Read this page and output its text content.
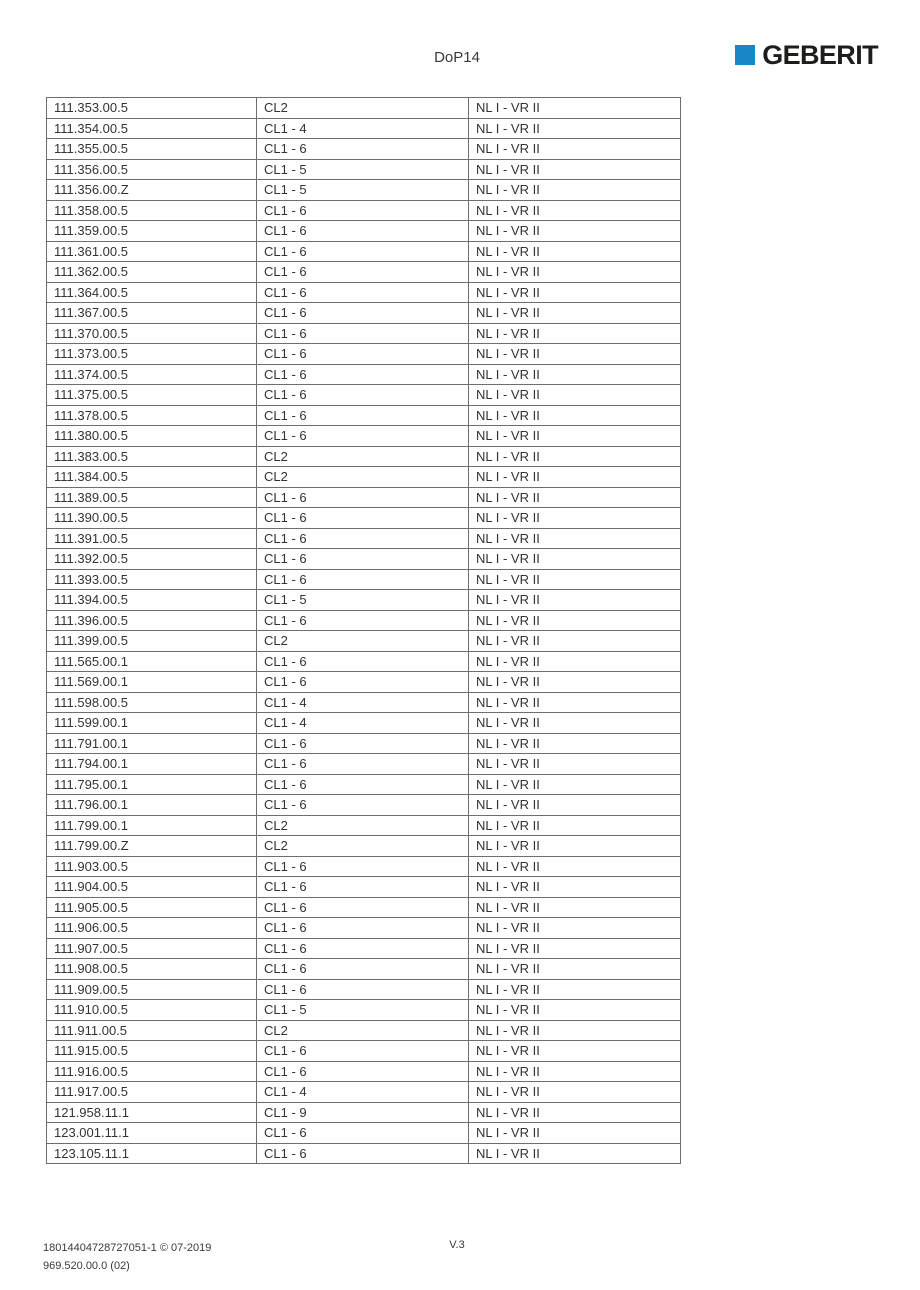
DoP14	GEBERIT
111.353.00.5	CL2	NL I - VR II
111.354.00.5	CL1 - 4	NL I - VR II
111.355.00.5	CL1 - 6	NL I - VR II
111.356.00.5	CL1 - 5	NL I - VR II
111.356.00.Z	CL1 - 5	NL I - VR II
111.358.00.5	CL1 - 6	NL I - VR II
111.359.00.5	CL1 - 6	NL I - VR II
111.361.00.5	CL1 - 6	NL I - VR II
111.362.00.5	CL1 - 6	NL I - VR II
111.364.00.5	CL1 - 6	NL I - VR II
111.367.00.5	CL1 - 6	NL I - VR II
111.370.00.5	CL1 - 6	NL I - VR II
111.373.00.5	CL1 - 6	NL I - VR II
111.374.00.5	CL1 - 6	NL I - VR II
111.375.00.5	CL1 - 6	NL I - VR II
111.378.00.5	CL1 - 6	NL I - VR II
111.380.00.5	CL1 - 6	NL I - VR II
111.383.00.5	CL2	NL I - VR II
111.384.00.5	CL2	NL I - VR II
111.389.00.5	CL1 - 6	NL I - VR II
111.390.00.5	CL1 - 6	NL I - VR II
111.391.00.5	CL1 - 6	NL I - VR II
111.392.00.5	CL1 - 6	NL I - VR II
111.393.00.5	CL1 - 6	NL I - VR II
111.394.00.5	CL1 - 5	NL I - VR II
111.396.00.5	CL1 - 6	NL I - VR II
111.399.00.5	CL2	NL I - VR II
111.565.00.1	CL1 - 6	NL I - VR II
111.569.00.1	CL1 - 6	NL I - VR II
111.598.00.5	CL1 - 4	NL I - VR II
111.599.00.1	CL1 - 4	NL I - VR II
111.791.00.1	CL1 - 6	NL I - VR II
111.794.00.1	CL1 - 6	NL I - VR II
111.795.00.1	CL1 - 6	NL I - VR II
111.796.00.1	CL1 - 6	NL I - VR II
111.799.00.1	CL2	NL I - VR II
111.799.00.Z	CL2	NL I - VR II
111.903.00.5	CL1 - 6	NL I - VR II
111.904.00.5	CL1 - 6	NL I - VR II
111.905.00.5	CL1 - 6	NL I - VR II
111.906.00.5	CL1 - 6	NL I - VR II
111.907.00.5	CL1 - 6	NL I - VR II
111.908.00.5	CL1 - 6	NL I - VR II
111.909.00.5	CL1 - 6	NL I - VR II
111.910.00.5	CL1 - 5	NL I - VR II
111.911.00.5	CL2	NL I - VR II
111.915.00.5	CL1 - 6	NL I - VR II
111.916.00.5	CL1 - 6	NL I - VR II
111.917.00.5	CL1 - 4	NL I - VR II
121.958.11.1	CL1 - 9	NL I - VR II
123.001.11.1	CL1 - 6	NL I - VR II
123.105.11.1	CL1 - 6	NL I - VR II
18014404728727051-1 © 07-2019
969.520.00.0 (02)
V.3
